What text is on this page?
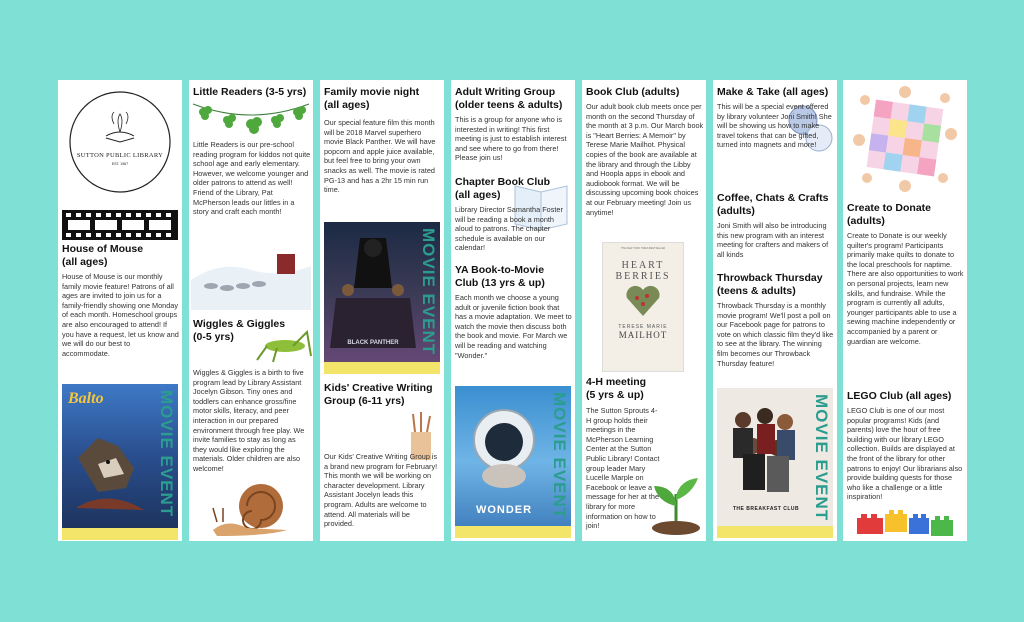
SUTTON PUBLIC LIBRARY
EST. 1967
House of Mouse
(all ages)

House of Mouse is our monthly family movie feature! Patrons of all ages are invited to join us for a family-friendly showing one Monday of each month. Homeschool groups are also encouraged to attend! If you have a request, let us know and we will do our best to accommodate.

Balto	MOVIE EVENT
Little Readers (3-5 yrs)

Little Readers is our pre-school reading program for kiddos not quite school age and early elementary. However, we welcome younger and older patrons to attend as well! Friend of the Library, Pat McPherson leads our littles in a story and craft each month!

Wiggles & Giggles
(0-5 yrs)

Wiggles & Giggles is a birth to five program lead by Library Assistant Jocelyn Gibson. Tiny ones and toddlers can enhance gross/fine motor skills, literacy, and peer interaction in our prepared environment through free play. We invite families to stay as long as they would like exploring the materials. Older children are also welcome!

Family movie night
(all ages)

Our special feature film this month will be 2018 Marvel superhero movie Black Panther. We will have popcorn and apple juice available, but feel free to bring your own snacks as well. The movie is rated PG-13 and has a 2hr 15 min run time.

BLACK PANTHER	MOVIE EVENT
Kids' Creative Writing
Group (6-11 yrs)

Our Kids' Creative Writing Group is a brand new program for February! This month we will be working on character development. Library Assistant Jocelyn leads this program. Adults are welcome to attend. All materials will be provided.

Adult Writing Group
(older teens & adults)

This is a group for anyone who is interested in writing! This first meeting is just to establish interest and see where to go from there! Please join us!

Chapter Book Club
(all ages)

Library Director Samantha Foster will be reading a book a month aloud to patrons. The chapter schedule is available on our calendar!

YA Book-to-Movie
Club (13 yrs & up)

Each month we choose a young adult or juvenile fiction book that has a movie adaptation. We meet to watch the movie then discuss both the book and movie. For March we will be reading and watching "Wonder."

WONDER	MOVIE EVENT
Book Club (adults)

Our adult book club meets once per month on the second Thursday of the month at 3 p.m. Our March book is "Heart Berries: A Memoir" by Terese Marie Mailhot. Physical copies of the book are available at the library and through the Libby and Hoopla apps in ebook and audiobook format. We will be discussing upcoming book choices at our February meeting! Join us anytime!

THE NEW YORK TIMES BESTSELLER
HEART
BERRIES
TERESE MARIE
MAILHOT
4-H meeting
(5 yrs & up)

The Sutton Sprouts 4-H group holds their meetings in the McPherson Learning Center at the Sutton Public Library! Contact group leader Mary Lucelle Marple on Facebook or leave a message for her at the library for more information on how to join!

Make & Take (all ages)

This will be a special event offered by library volunteer Joni Smith! She will be showing us how to make travel tokens that can be gifted, turned into magnets and more!

Coffee, Chats & Crafts
(adults)

Joni Smith will also be introducing this new program with an interest meeting for crafters and makers of all kinds

Throwback Thursday
(teens & adults)

Throwback Thursday is a monthly movie program! We'll post a poll on our Facebook page for patrons to vote on which classic film they'd like to see at the library. The winning film becomes our Throwback Thursday feature!

THE BREAKFAST CLUB MOVIE EVENT
Create to Donate
(adults)

Create to Donate is our weekly quilter's program! Participants primarily make quilts to donate to the local preschools for naptime. There are also opportunities to work on personal projects, learn new skills, and fundraise. While the program is currently all adults, younger participants able to use a sewing machine independently or accompanied by a parent or guardian are welcome.

LEGO Club (all ages)

LEGO Club is one of our most popular programs! Kids (and parents) love the hour of free building with our library LEGO collection. Builds are displayed at the front of the library for other patrons to enjoy! Our librarians also provide building quests for those who like a challenge or a little inspiration!
